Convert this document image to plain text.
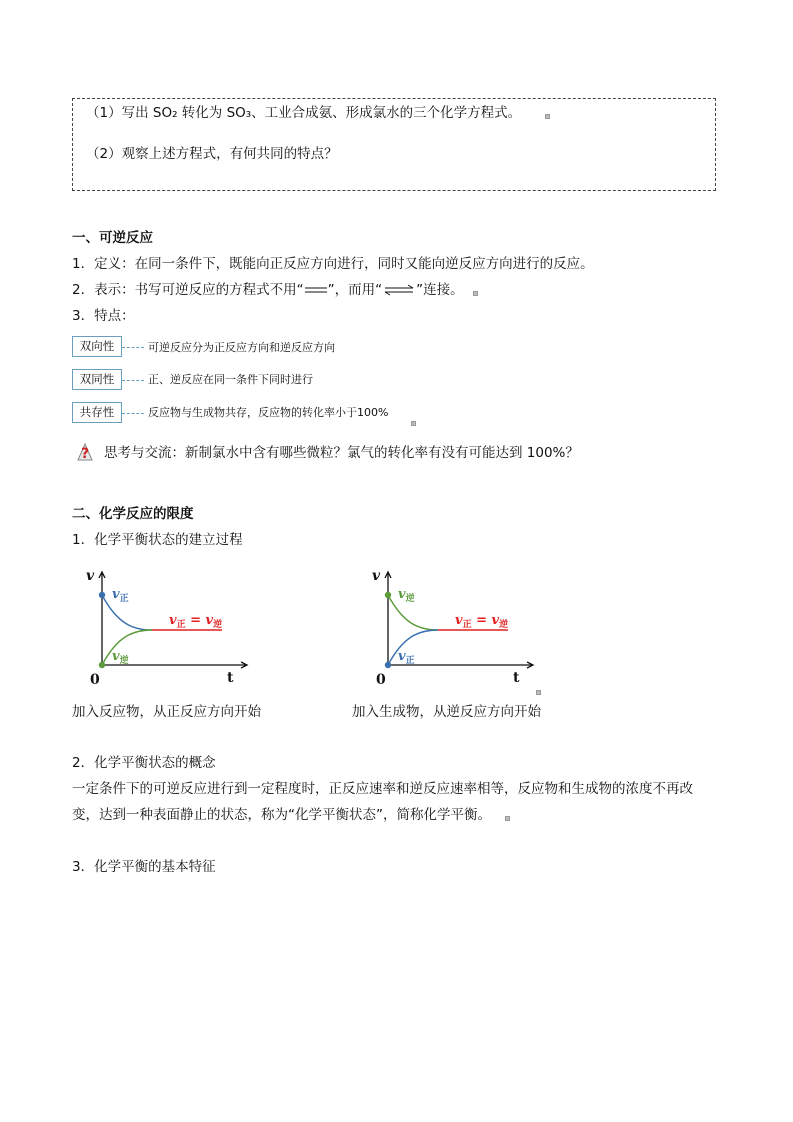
（1）写出 SO₂ 转化为 SO₃、工业合成氨、形成氯水的三个化学方程式。
（2）观察上述方程式，有何共同的特点？
一、可逆反应
1．定义：在同一条件下，既能向正反应方向进行，同时又能向逆反应方向进行的反应。
2．表示：书写可逆反应的方程式不用“ ”，而用“⇌”连接。
3．特点：
双向性	可逆反应分为正反应方向和逆反应方向
双同性	正、逆反应在同一条件下同时进行
共存性	反应物与生成物共存，反应物的转化率小于100%
? 思考与交流：新制氯水中含有哪些微粒？氯气的转化率有没有可能达到 100%？
二、化学反应的限度
1．化学平衡状态的建立过程
v
t
0
$v_正$
$v_逆$
$v_正 = v_逆$
v
t
0
$v_逆$
$v_正$
$v_正 = v_逆$
加入反应物，从正反应方向开始	加入生成物，从逆反应方向开始
2．化学平衡状态的概念
一定条件下的可逆反应进行到一定程度时，正反应速率和逆反应速率相等，反应物和生成物的浓度不再改
变，达到一种表面静止的状态，称为“化学平衡状态”，简称化学平衡。
3．化学平衡的基本特征
